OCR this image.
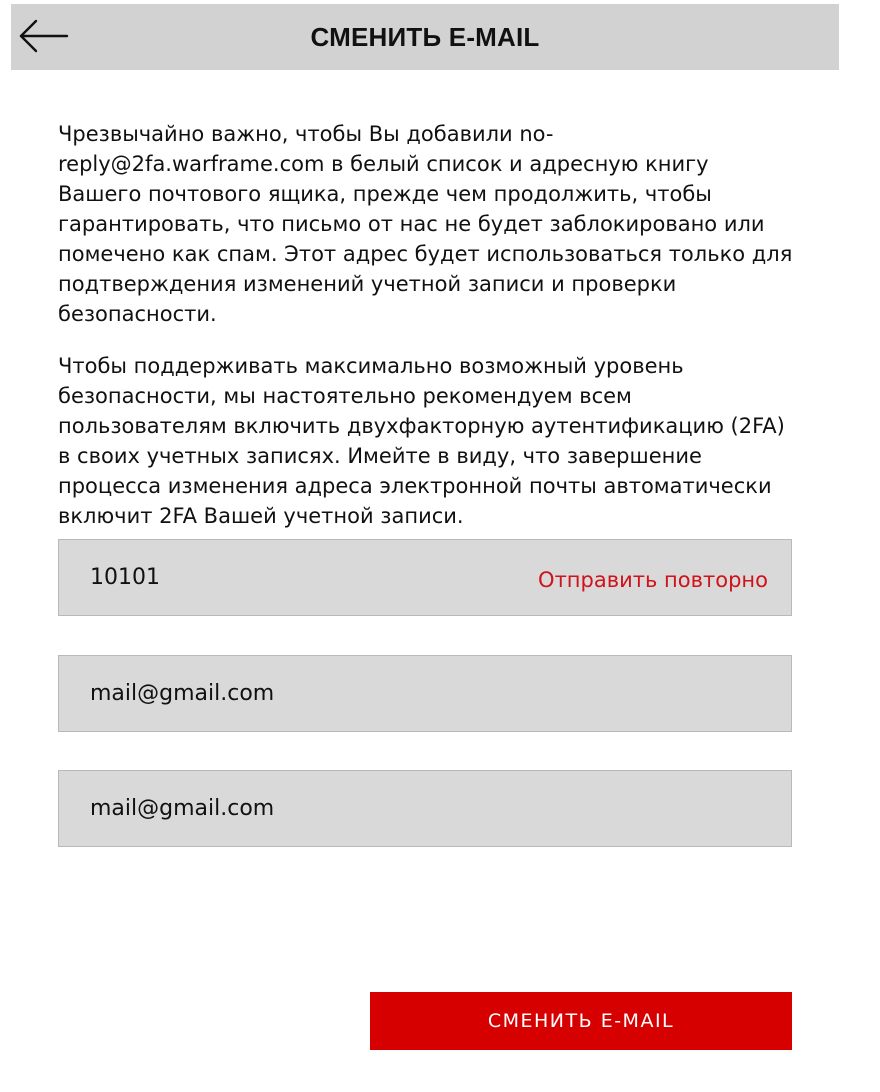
СМЕНИТЬ E-MAIL

Чрезвычайно важно, чтобы Вы добавили no-reply@2fa.warframe.com в белый список и адресную книгу Вашего почтового ящика, прежде чем продолжить, чтобы гарантировать, что письмо от нас не будет заблокировано или помечено как спам. Этот адрес будет использоваться только для подтверждения изменений учетной записи и проверки безопасности.

Чтобы поддерживать максимально возможный уровень безопасности, мы настоятельно рекомендуем всем пользователям включить двухфакторную аутентификацию (2FA) в своих учетных записях. Имейте в виду, что завершение процесса изменения адреса электронной почты автоматически включит 2FA Вашей учетной записи.

10101
Отправить повторно
mail@gmail.com
mail@gmail.com
СМЕНИТЬ E-MAIL
